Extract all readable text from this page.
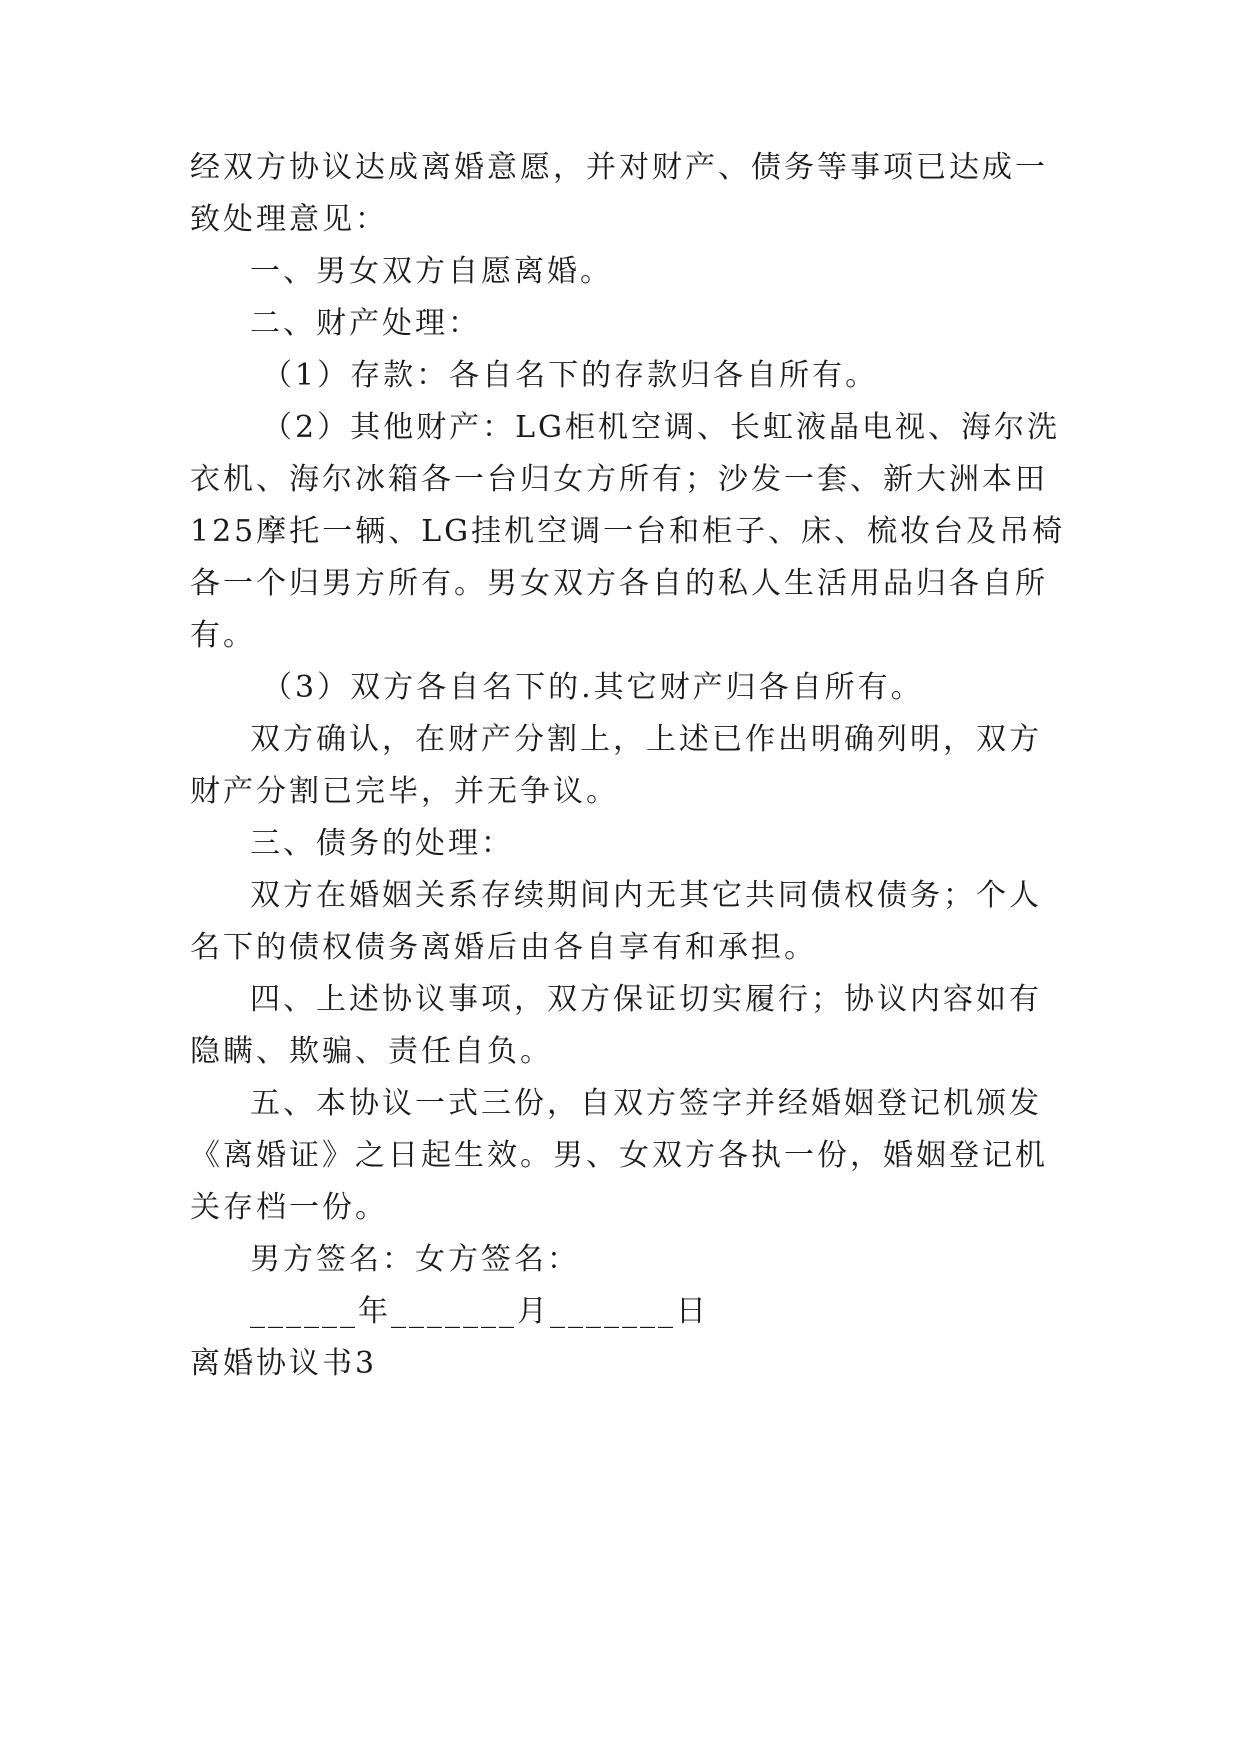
经双方协议达成离婚意愿，并对财产、债务等事项已达成一
致处理意见：
一、男女双方自愿离婚。
二、财产处理：
（1）存款：各自名下的存款归各自所有。
（2）其他财产：LG柜机空调、长虹液晶电视、海尔洗
衣机、海尔冰箱各一台归女方所有；沙发一套、新大洲本田
125摩托一辆、LG挂机空调一台和柜子、床、梳妆台及吊椅
各一个归男方所有。男女双方各自的私人生活用品归各自所
有。
（3）双方各自名下的.其它财产归各自所有。
双方确认，在财产分割上，上述已作出明确列明，双方
财产分割已完毕，并无争议。
三、债务的处理：
双方在婚姻关系存续期间内无其它共同债权债务；个人
名下的债权债务离婚后由各自享有和承担。
四、上述协议事项，双方保证切实履行；协议内容如有
隐瞒、欺骗、责任自负。
五、本协议一式三份，自双方签字并经婚姻登记机颁发
《离婚证》之日起生效。男、女双方各执一份，婚姻登记机
关存档一份。
男方签名：女方签名：
______年_______月_______日
离婚协议书3
